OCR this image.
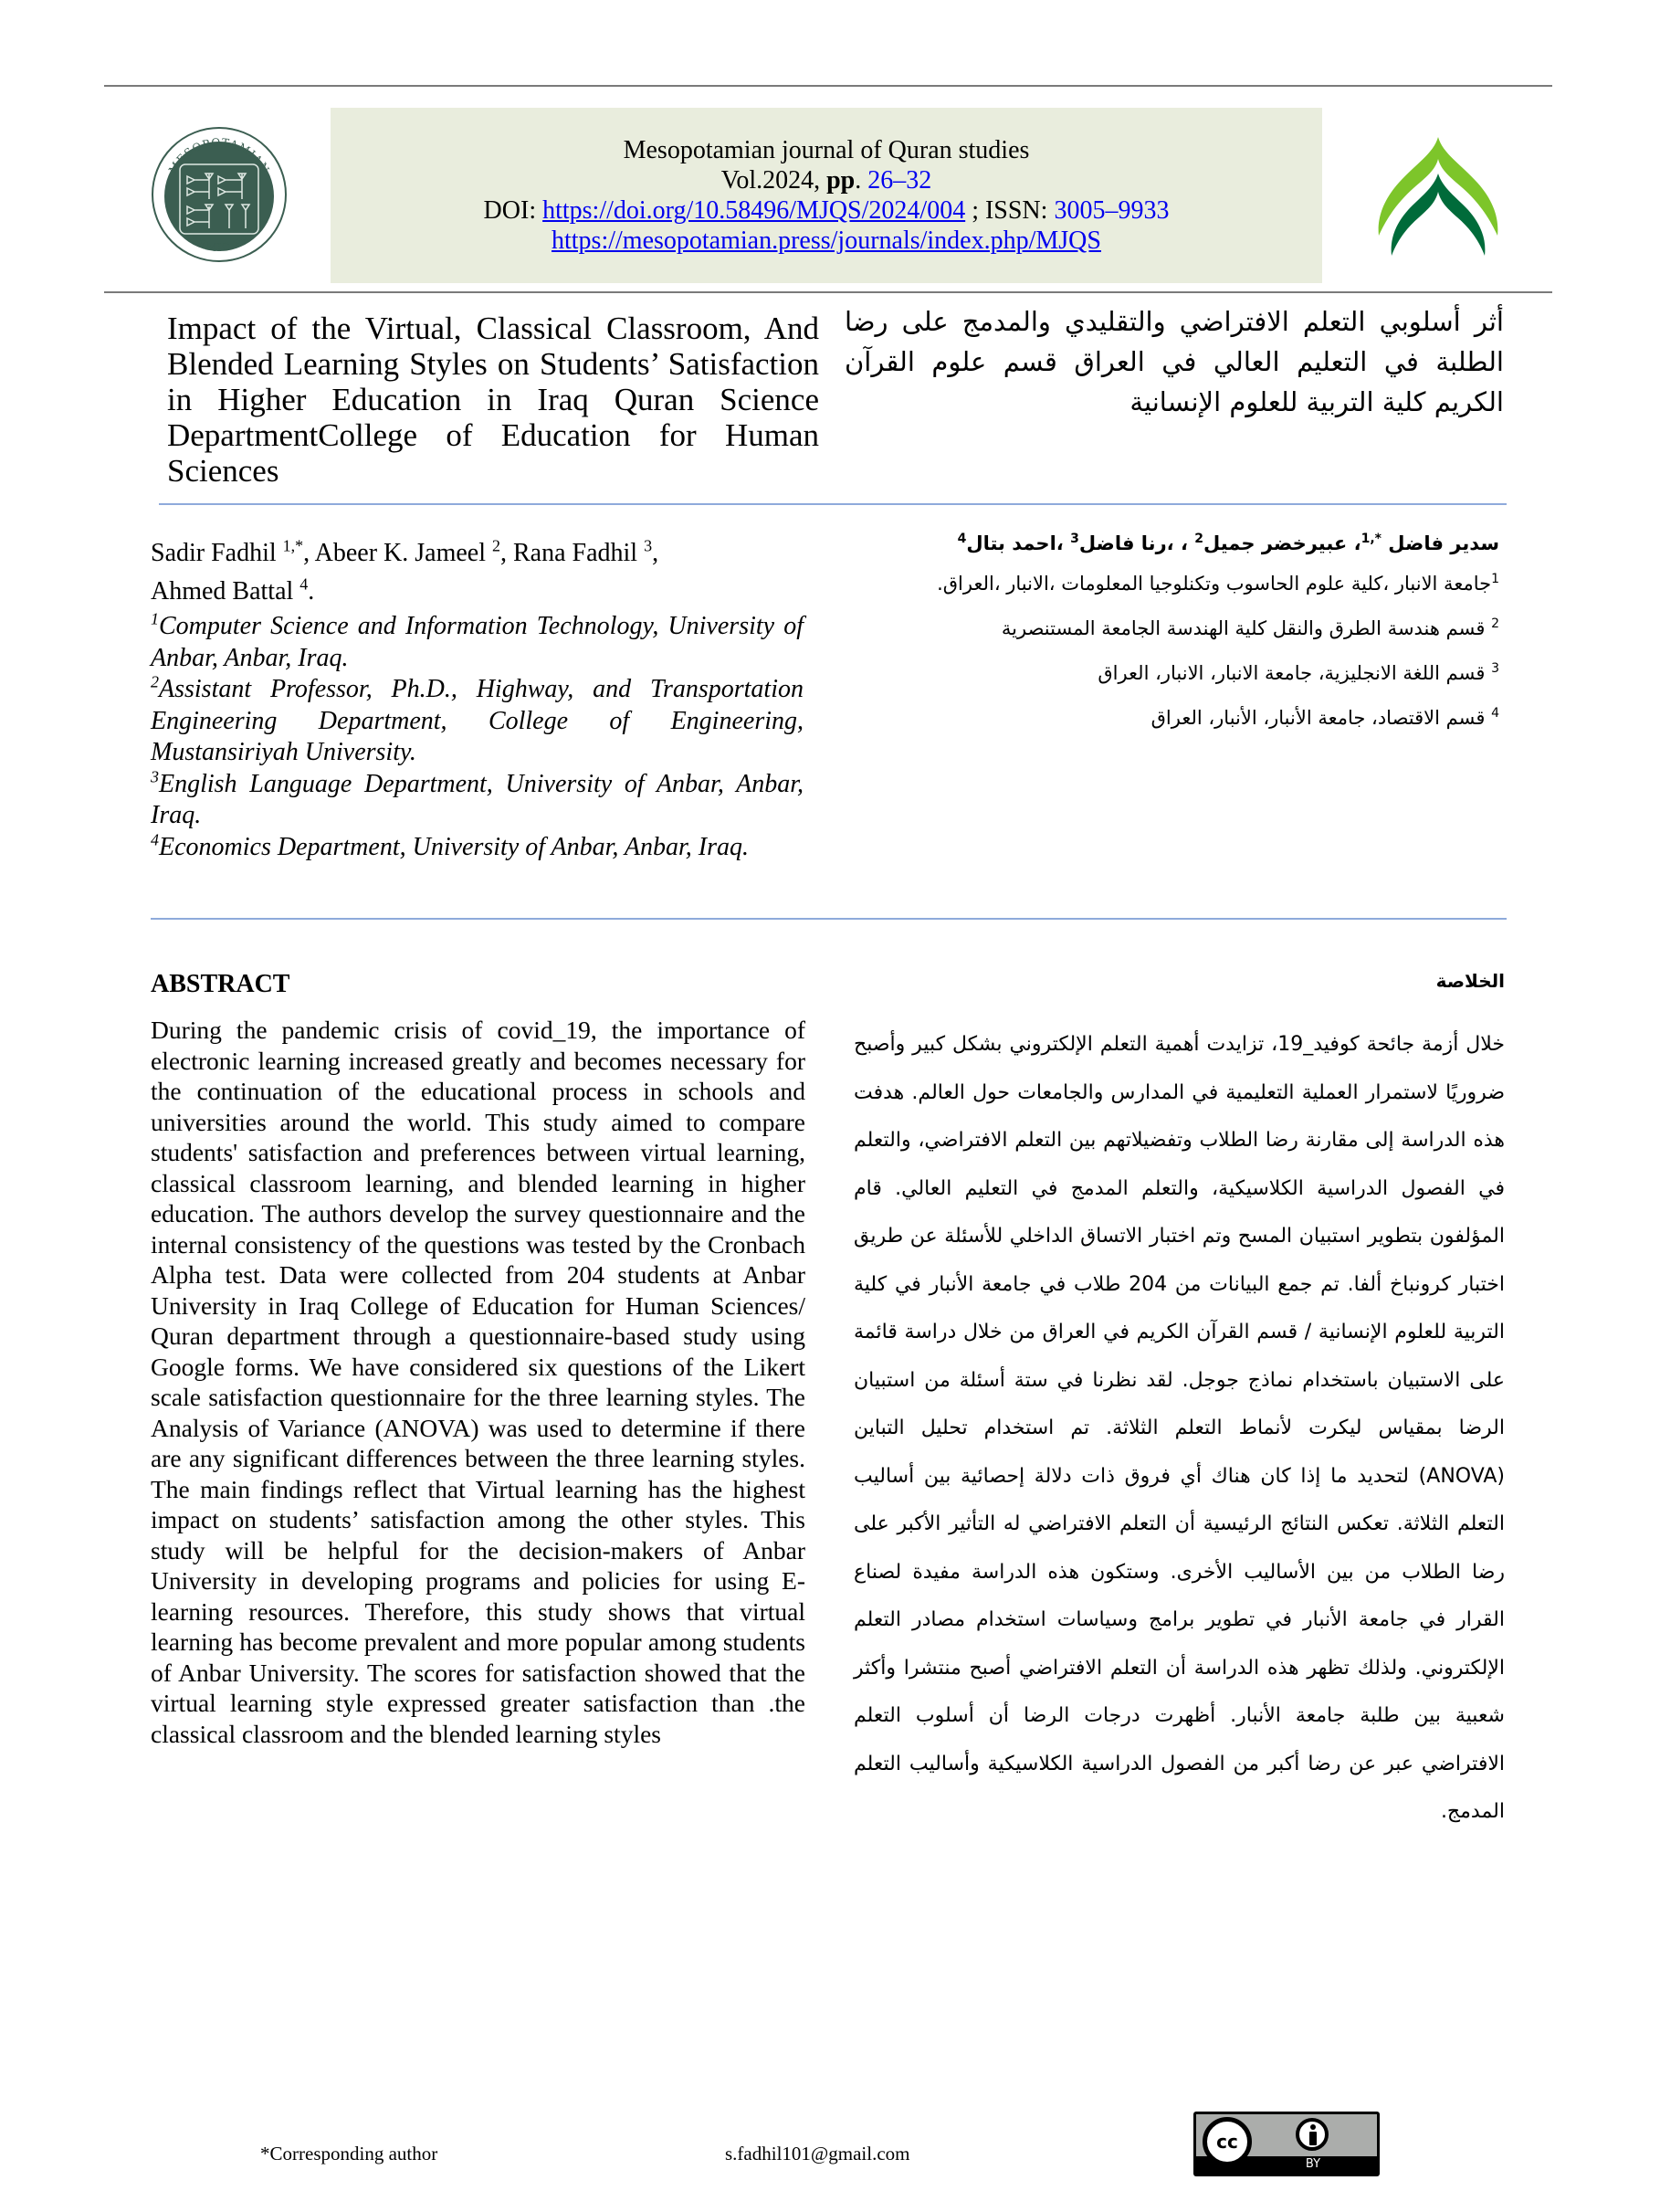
MESOPOTAMIAN
ACADEMIC PRESS
Mesopotamian journal of Quran studies
Vol.2024, pp. 26–32
DOI: https://doi.org/10.58496/MJQS/2024/004 ; ISSN: 3005–9933
https://mesopotamian.press/journals/index.php/MJQS
Impact of the Virtual, Classical Classroom, And Blended Learning Styles on Students’ Satisfaction in Higher Education in Iraq Quran Science DepartmentCollege of Education for Human Sciences
أثر أسلوبي التعلم الافتراضي والتقليدي والمدمج على رضا الطلبة في التعليم العالي في العراق قسم علوم القرآن الكريم كلية التربية للعلوم الإنسانية
Sadir Fadhil $^{1,*}$, Abeer K. Jameel $^2$, Rana Fadhil $^3$,
Ahmed Battal $^4$.
$^1$Computer Science and Information Technology, University of Anbar, Anbar, Iraq.
$^2$Assistant Professor, Ph.D., Highway, and Transportation Engineering Department, College of Engineering, Mustansiriyah University.
$^3$English Language Department, University of Anbar, Anbar, Iraq.
$^4$Economics Department, University of Anbar, Anbar, Iraq.
سدير فاضل $^{*,1}$، عبيرخضر جميل$^2$ ، ،رنا فاضل$^3$ ،احمد بتال$^4$
$^1$جامعة الانبار ،كلية علوم الحاسوب وتكنلوجيا المعلومات ،الانبار ،العراق.
$^2$ قسم هندسة الطرق والنقل كلية الهندسة الجامعة المستنصرية
$^3$ قسم اللغة الانجليزية، جامعة الانبار، الانبار، العراق
$^4$ قسم الاقتصاد، جامعة الأنبار، الأنبار، العراق
ABSTRACT	الخلاصة
During the pandemic crisis of covid_19, the importance of electronic learning increased greatly and becomes necessary for the continuation of the educational process in schools and universities around the world. This study aimed to compare students' satisfaction and preferences between virtual learning, classical classroom learning, and blended learning in higher education. The authors develop the survey questionnaire and the internal consistency of the questions was tested by the Cronbach Alpha test. Data were collected from 204 students at Anbar University in Iraq College of Education for Human Sciences/ Quran department through a questionnaire-based study using Google forms. We have considered six questions of the Likert scale satisfaction questionnaire for the three learning styles. The Analysis of Variance (ANOVA) was used to determine if there are any significant differences between the three learning styles. The main findings reflect that Virtual learning has the highest impact on students’ satisfaction among the other styles. This study will be helpful for the decision-makers of Anbar University in developing programs and policies for using E-learning resources. Therefore, this study shows that virtual learning has become prevalent and more popular among students of Anbar University. The scores for satisfaction showed that the virtual learning style expressed greater satisfaction than .the classical classroom and the blended learning styles
خلال أزمة جائحة كوفيد_19، تزايدت أهمية التعلم الإلكتروني بشكل كبير وأصبح ضروريًا لاستمرار العملية التعليمية في المدارس والجامعات حول العالم. هدفت هذه الدراسة إلى مقارنة رضا الطلاب وتفضيلاتهم بين التعلم الافتراضي، والتعلم في الفصول الدراسية الكلاسيكية، والتعلم المدمج في التعليم العالي. قام المؤلفون بتطوير استبيان المسح وتم اختبار الاتساق الداخلي للأسئلة عن طريق اختبار كرونباخ ألفا. تم جمع البيانات من 204 طلاب في جامعة الأنبار في كلية التربية للعلوم الإنسانية / قسم القرآن الكريم في العراق من خلال دراسة قائمة على الاستبيان باستخدام نماذج جوجل. لقد نظرنا في ستة أسئلة من استبيان الرضا بمقياس ليكرت لأنماط التعلم الثلاثة. تم استخدام تحليل التباين (ANOVA) لتحديد ما إذا كان هناك أي فروق ذات دلالة إحصائية بين أساليب التعلم الثلاثة. تعكس النتائج الرئيسية أن التعلم الافتراضي له التأثير الأكبر على رضا الطلاب من بين الأساليب الأخرى. وستكون هذه الدراسة مفيدة لصناع القرار في جامعة الأنبار في تطوير برامج وسياسات استخدام مصادر التعلم الإلكتروني. ولذلك تظهر هذه الدراسة أن التعلم الافتراضي أصبح منتشرا وأكثر شعبية بين طلبة جامعة الأنبار. أظهرت درجات الرضا أن أسلوب التعلم الافتراضي عبر عن رضا أكبر من الفصول الدراسية الكلاسيكية وأساليب التعلم المدمج.
*Corresponding author	s.fadhil101@gmail.com
cc
BY
